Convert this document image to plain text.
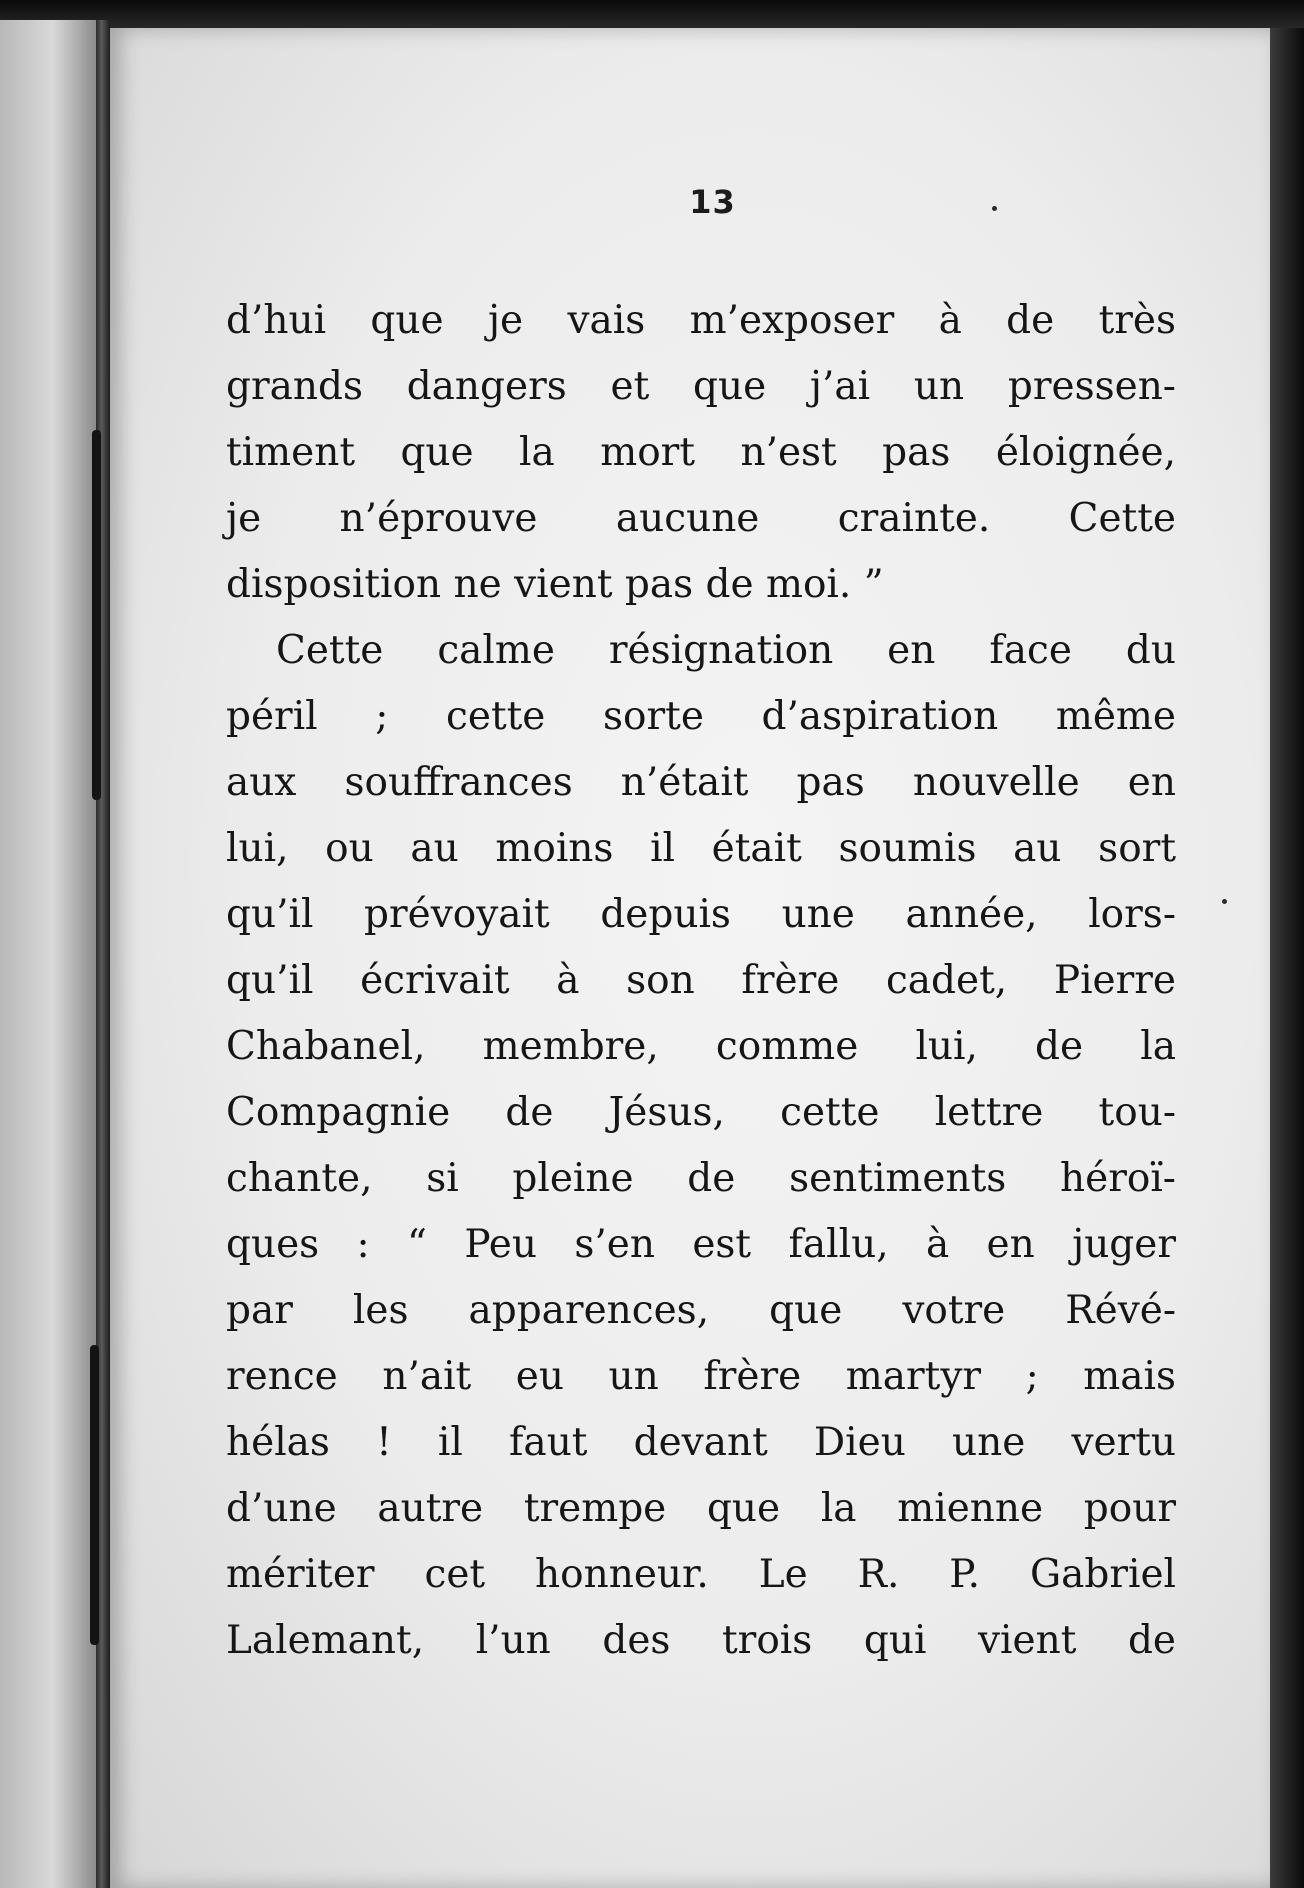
13
d’hui que je vais m’exposer à de très
grands dangers et que j’ai un pressen-
timent que la mort n’est pas éloignée,
je n’éprouve aucune crainte. Cette
disposition ne vient pas de moi. ”
Cette calme résignation en face du
péril ; cette sorte d’aspiration même
aux souffrances n’était pas nouvelle en
lui, ou au moins il était soumis au sort
qu’il prévoyait depuis une année, lors-
qu’il écrivait à son frère cadet, Pierre
Chabanel, membre, comme lui, de la
Compagnie de Jésus, cette lettre tou-
chante, si pleine de sentiments héroï-
ques : “ Peu s’en est fallu, à en juger
par les apparences, que votre Révé-
rence n’ait eu un frère martyr ; mais
hélas ! il faut devant Dieu une vertu
d’une autre trempe que la mienne pour
mériter cet honneur. Le R. P. Gabriel
Lalemant, l’un des trois qui vient de
